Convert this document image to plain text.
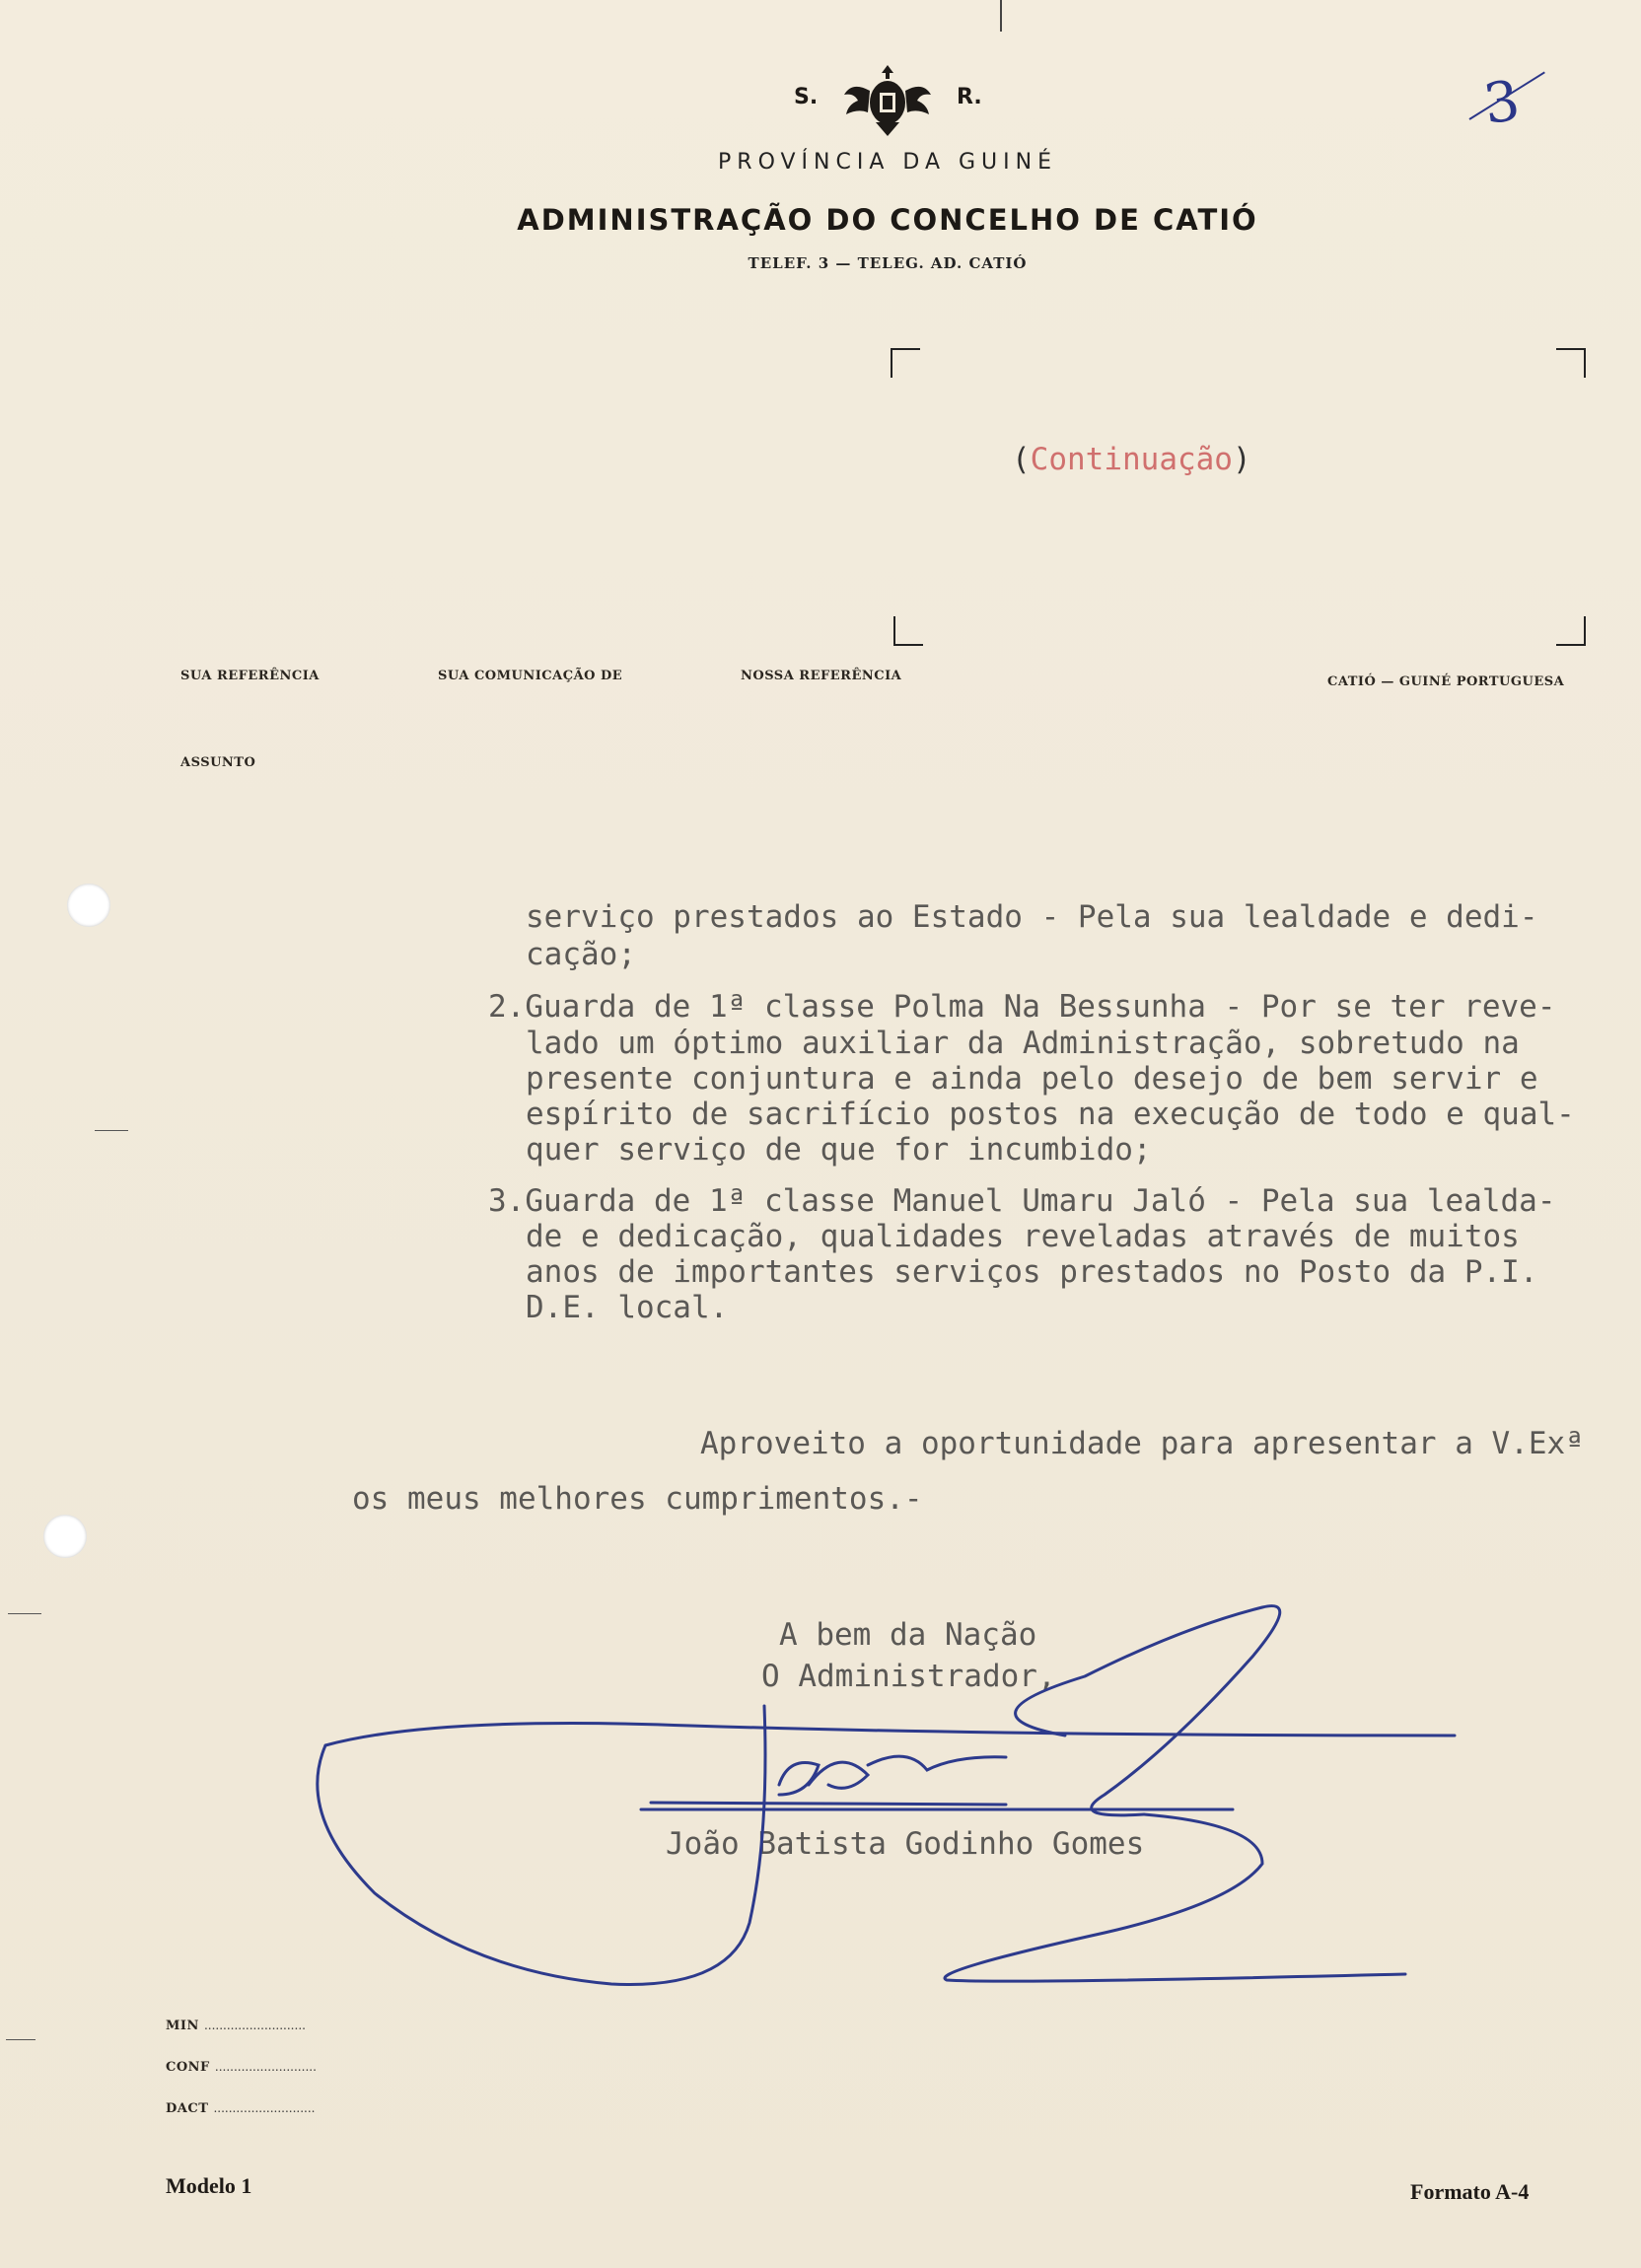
S.	R.
PROVÍNCIA DA GUINÉ
ADMINISTRAÇÃO DO CONCELHO DE CATIÓ
TELEF. 3 — TELEG. AD. CATIÓ
3
(Continuação)
SUA REFERÊNCIA	SUA COMUNICAÇÃO DE	NOSSA REFERÊNCIA	CATIÓ — GUINÉ PORTUGUESA
ASSUNTO

serviço prestados ao Estado - Pela sua lealdade e dedi-

cação;

2.Guarda de 1ª classe Polma Na Bessunha - Por se ter reve-

lado um óptimo auxiliar da Administração, sobretudo na

presente conjuntura e ainda pelo desejo de bem servir e

espírito de sacrifício postos na execução de todo e qual-

quer serviço de que for incumbido;

3.Guarda de 1ª classe Manuel Umaru Jaló - Pela sua lealda-

de e dedicação, qualidades reveladas através de muitos

anos de importantes serviços prestados no Posto da P.I.

D.E. local.

Aproveito a oportunidade para apresentar a V.Exª

os meus melhores cumprimentos.-

A bem da Nação

O Administrador,

João Batista Godinho Gomes

MIN ...........................
CONF ...........................
DACT ...........................
Modelo 1	Formato A-4
